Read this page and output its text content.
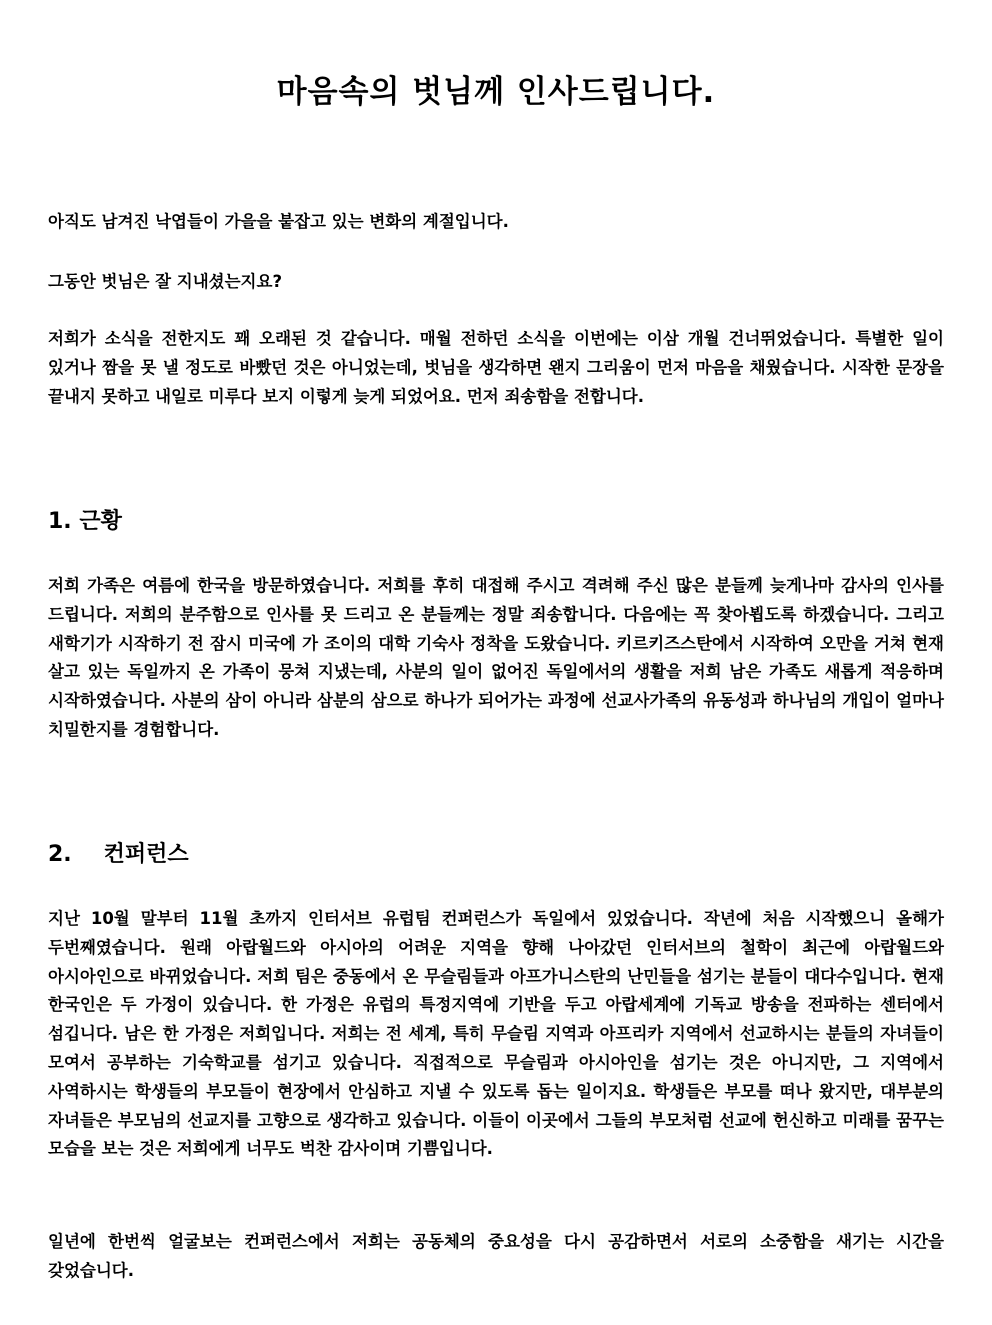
마음속의 벗님께 인사드립니다.

아직도 남겨진 낙엽들이 가을을 붙잡고 있는 변화의 계절입니다.

그동안 벗님은 잘 지내셨는지요?

저희가 소식을 전한지도 꽤 오래된 것 같습니다. 매월 전하던 소식을 이번에는 이삼 개월 건너뛰었습니다. 특별한 일이 있거나 짬을 못 낼 정도로 바빴던 것은 아니었는데, 벗님을 생각하면 왠지 그리움이 먼저 마음을 채웠습니다. 시작한 문장을 끝내지 못하고 내일로 미루다 보지 이렇게 늦게 되었어요. 먼저 죄송함을 전합니다.

1. 근황

저희 가족은 여름에 한국을 방문하였습니다. 저희를 후히 대접해 주시고 격려해 주신 많은 분들께 늦게나마 감사의 인사를 드립니다. 저희의 분주함으로 인사를 못 드리고 온 분들께는 정말 죄송합니다. 다음에는 꼭 찾아뵙도록 하겠습니다. 그리고 새학기가 시작하기 전 잠시 미국에 가 조이의 대학 기숙사 정착을 도왔습니다. 키르키즈스탄에서 시작하여 오만을 거쳐 현재 살고 있는 독일까지 온 가족이 뭉쳐 지냈는데, 사분의 일이 없어진 독일에서의 생활을 저희 남은 가족도 새롭게 적응하며 시작하였습니다. 사분의 삼이 아니라 삼분의 삼으로 하나가 되어가는 과정에 선교사가족의 유동성과 하나님의 개입이 얼마나 치밀한지를 경험합니다.

2. 컨퍼런스

지난 10월 말부터 11월 초까지 인터서브 유럽팀 컨퍼런스가 독일에서 있었습니다. 작년에 처음 시작했으니 올해가 두번째였습니다. 원래 아랍월드와 아시아의 어려운 지역을 향해 나아갔던 인터서브의 철학이 최근에 아랍월드와 아시아인으로 바뀌었습니다. 저희 팀은 중동에서 온 무슬림들과 아프가니스탄의 난민들을 섬기는 분들이 대다수입니다. 현재 한국인은 두 가정이 있습니다. 한 가정은 유럽의 특정지역에 기반을 두고 아랍세계에 기독교 방송을 전파하는 센터에서 섬깁니다. 남은 한 가정은 저희입니다. 저희는 전 세계, 특히 무슬림 지역과 아프리카 지역에서 선교하시는 분들의 자녀들이 모여서 공부하는 기숙학교를 섬기고 있습니다. 직접적으로 무슬림과 아시아인을 섬기는 것은 아니지만, 그 지역에서 사역하시는 학생들의 부모들이 현장에서 안심하고 지낼 수 있도록 돕는 일이지요. 학생들은 부모를 떠나 왔지만, 대부분의 자녀들은 부모님의 선교지를 고향으로 생각하고 있습니다. 이들이 이곳에서 그들의 부모처럼 선교에 헌신하고 미래를 꿈꾸는 모습을 보는 것은 저희에게 너무도 벅찬 감사이며 기쁨입니다.

일년에 한번씩 얼굴보는 컨퍼런스에서 저희는 공동체의 중요성을 다시 공감하면서 서로의 소중함을 새기는 시간을 갖었습니다.
